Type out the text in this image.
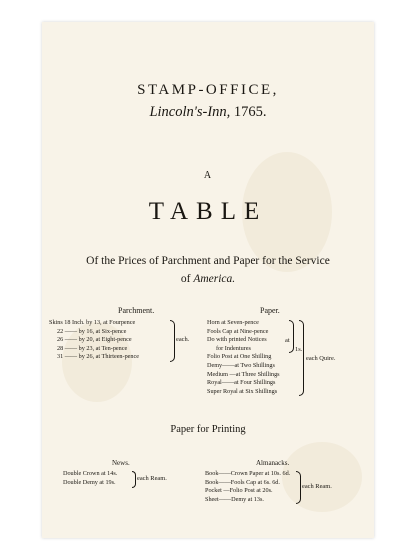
STAMP-OFFICE,
Lincoln's-Inn, 1765.
A
TABLE
Of the Prices of Parchment and Paper for the Service
of America.
Parchment.
Skins 18 Inch. by 13, at Fourpence
22 —— by 16, at Six-pence
26 —— by 20, at Eight-pence
28 —— by 23, at Ten-pence
31 —— by 26, at Thirteen-pence
each.
Paper.
Horn at Seven-pence
Fools Cap at Nine-pence
Do with printed Notices
for Indentures
Folio Post at One Shilling
Demy——at Two Shillings
Medium —at Three Shillings
Royal——at Four Shillings
Super Royal at Six Shillings
at
1s.
each Quire.
Paper for Printing
News.
Double Crown at 14s.
Double Demy at 19s.
each Ream.
Almanacks.
Book——Crown Paper at 10s. 6d.
Book——Fools Cap at 6s. 6d.
Pocket —Folio Post at 20s.
Sheet——Demy at 13s.
each Ream.
